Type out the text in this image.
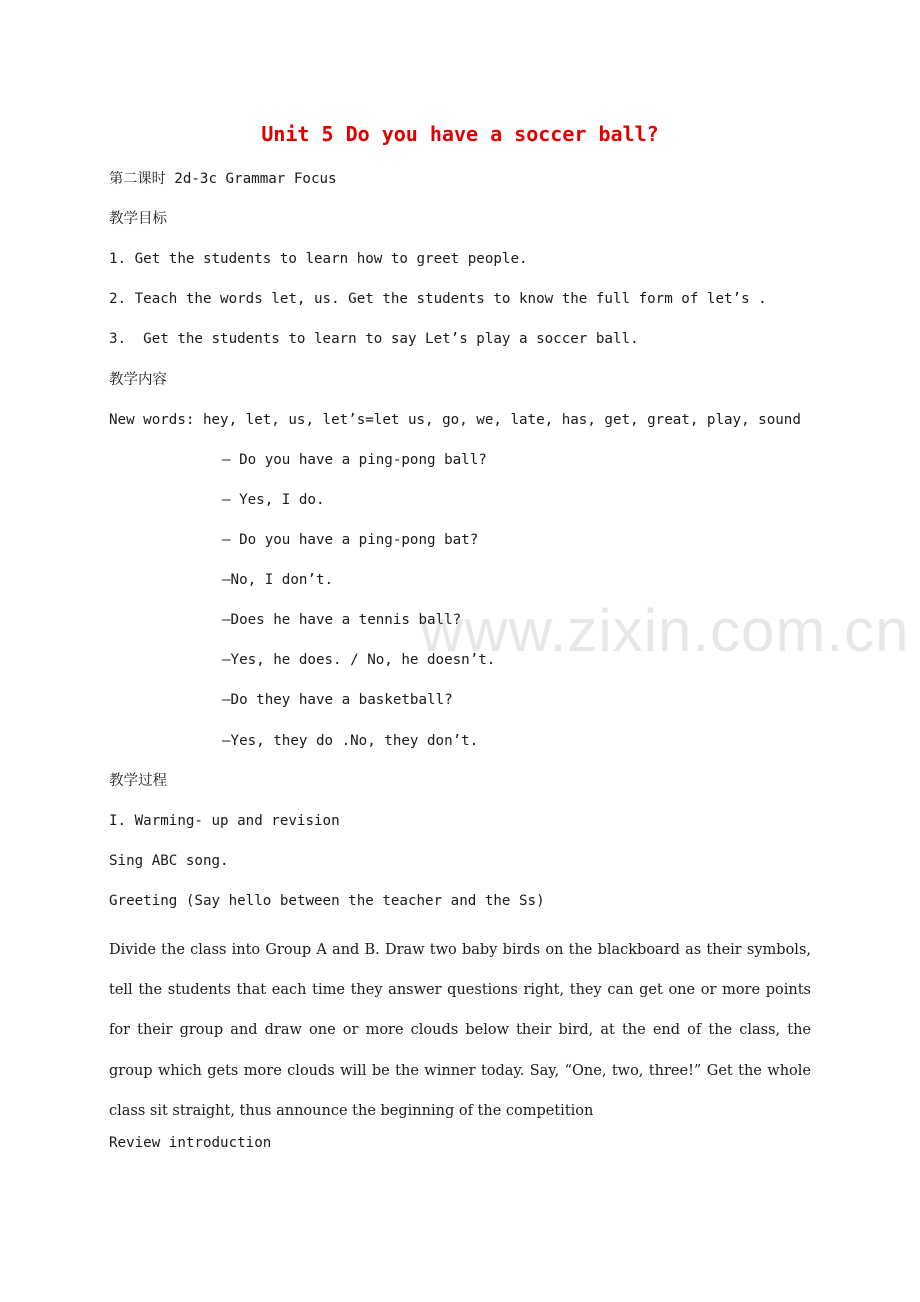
Unit 5 Do you have a soccer ball?

第二课时 2d-3c Grammar Focus

教学目标

1. Get the students to learn how to greet people.

2. Teach the words let, us. Get the students to know the full form of let’s .

3.  Get the students to learn to say Let’s play a soccer ball.

教学内容

New words: hey, let, us, let’s=let us, go, we, late, has, get, great, play, sound

— Do you have a ping-pong ball?

— Yes, I do.

— Do you have a ping-pong bat?

—No, I don’t.

—Does he have a tennis ball?

—Yes, he does. / No, he doesn’t.

—Do they have a basketball?

—Yes, they do .No, they don’t.

教学过程

I. Warming- up and revision

Sing ABC song.

Greeting (Say hello between the teacher and the Ss)

Divide the class into Group A and B. Draw two baby birds on the blackboard as their symbols, tell the students that each time they answer questions right, they can get one or more points for their group and draw one or more clouds below their bird, at the end of the class, the group which gets more clouds will be the winner today. Say, “One, two, three!” Get the whole class sit straight, thus announce the beginning of the competition

Review introduction

www.zixin.com.cn
